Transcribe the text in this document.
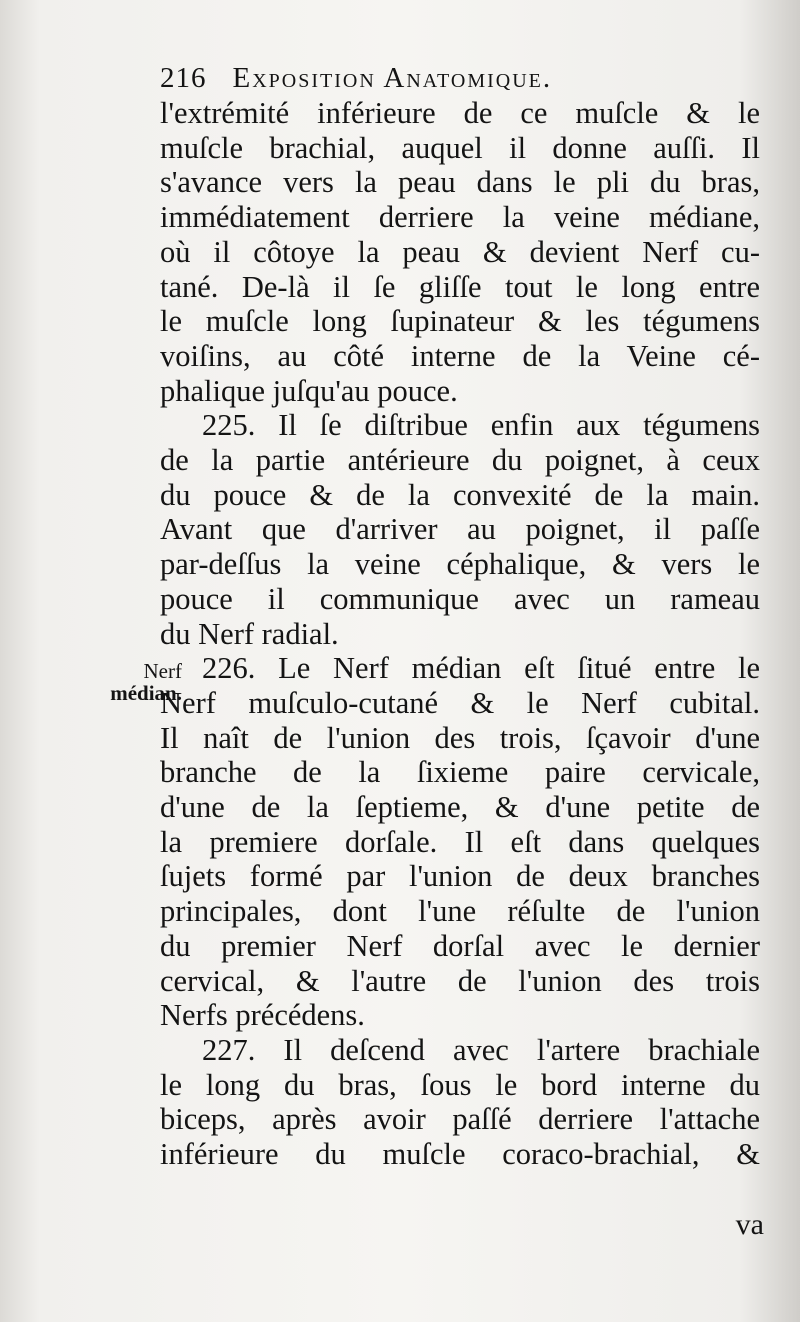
216 Exposition Anatomique.
Nerf
médian.
l'extrémité inférieure de ce muſcle & le
muſcle brachial, auquel il donne auſſi. Il
s'avance vers la peau dans le pli du bras,
immédiatement derriere la veine médiane,
où il côtoye la peau & devient Nerf cu-
tané. De-là il ſe gliſſe tout le long entre
le muſcle long ſupinateur & les tégumens
voiſins, au côté interne de la Veine cé-
phalique juſqu'au pouce.
225. Il ſe diſtribue enfin aux tégumens
de la partie antérieure du poignet, à ceux
du pouce & de la convexité de la main.
Avant que d'arriver au poignet, il paſſe
par-deſſus la veine céphalique, & vers le
pouce il communique avec un rameau
du Nerf radial.
226. Le Nerf médian eſt ſitué entre le
Nerf muſculo-cutané & le Nerf cubital.
Il naît de l'union des trois, ſçavoir d'une
branche de la ſixieme paire cervicale,
d'une de la ſeptieme, & d'une petite de
la premiere dorſale. Il eſt dans quelques
ſujets formé par l'union de deux branches
principales, dont l'une réſulte de l'union
du premier Nerf dorſal avec le dernier
cervical, & l'autre de l'union des trois
Nerfs précédens.
227. Il deſcend avec l'artere brachiale
le long du bras, ſous le bord interne du
biceps, après avoir paſſé derriere l'attache
inférieure du muſcle coraco-brachial, &
va
